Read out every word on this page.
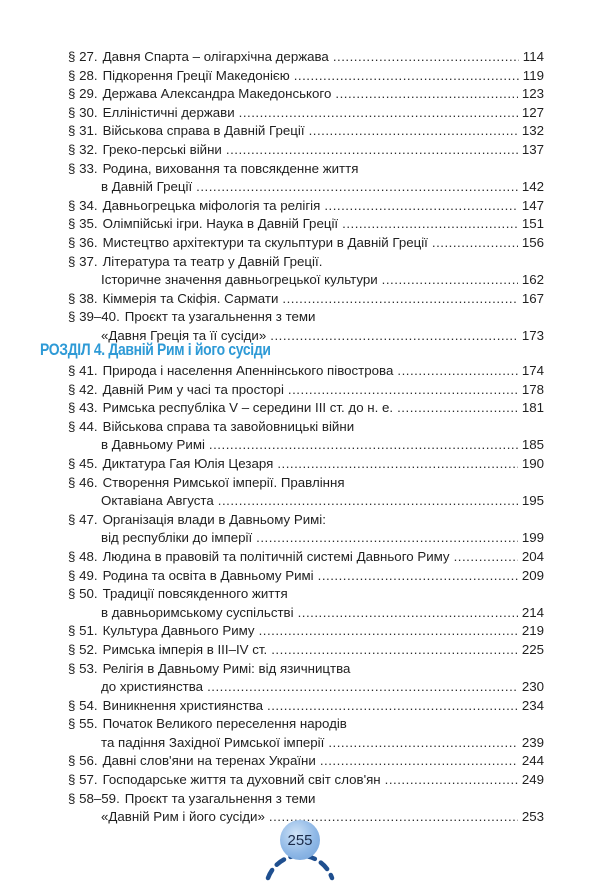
§ 27. Давня Спарта – олігархічна держава .....	114
§ 28. Підкорення Греції Македонією .....	119
§ 29. Держава Александра Македонського .....	123
§ 30. Еллiнiстичнi держави .....	127
§ 31. Вiйськова справа в Давнiй Грецiї .....	132
§ 32. Греко-перськi вiйни .....	137
§ 33. Родина, виховання та повсякденне життя
в Давнiй Грецiї .....	142
§ 34. Давньогрецька мiфологiя та релiгiя .....	147
§ 35. Олiмпiйськi iгри. Наука в Давнiй Грецiї .....	151
§ 36. Мистецтво архiтектури та скульптури в Давнiй Грецiї .....	156
§ 37. Лiтература та театр у Давнiй Грецiї.
Iсторичне значення давньогрецької культури .....	162
§ 38. Кiммерiя та Скiфiя. Сармати .....	167
§ 39–40. Проєкт та узагальнення з теми
«Давня Грецiя та її сусiди» .....	173
РОЗДIЛ 4. Давнiй Рим i його сусiди
§ 41. Природа i населення Апеннiнського пiвострова .....	174
§ 42. Давнiй Рим у часi та просторi .....	178
§ 43. Римська республiка V – середини III ст. до н. е. .....	181
§ 44. Вiйськова справа та завойовницькi вiйни
в Давньому Римi .....	185
§ 45. Диктатура Гая Юлiя Цезаря .....	190
§ 46. Створення Римської iмперiї. Правлiння
Октавiана Августа .....	195
§ 47. Органiзацiя влади в Давньому Римi:
вiд республiки до iмперiї .....	199
§ 48. Людина в правовiй та полiтичнiй системi Давнього Риму .....	204
§ 49. Родина та освiта в Давньому Римi .....	209
§ 50. Традицiї повсякденного життя
в давньоримському суспiльствi .....	214
§ 51. Культура Давнього Риму .....	219
§ 52. Римська iмперiя в III–IV ст. .....	225
§ 53. Релiгiя в Давньому Римi: вiд язичництва
до християнства .....	230
§ 54. Виникнення християнства .....	234
§ 55. Початок Великого переселення народiв
та падiння Захiдної Римської iмперiї .....	239
§ 56. Давнi слов'яни на теренах України .....	244
§ 57. Господарське життя та духовний свiт слов'ян .....	249
§ 58–59. Проєкт та узагальнення з теми
«Давнiй Рим i його сусiди» .....	253
255
